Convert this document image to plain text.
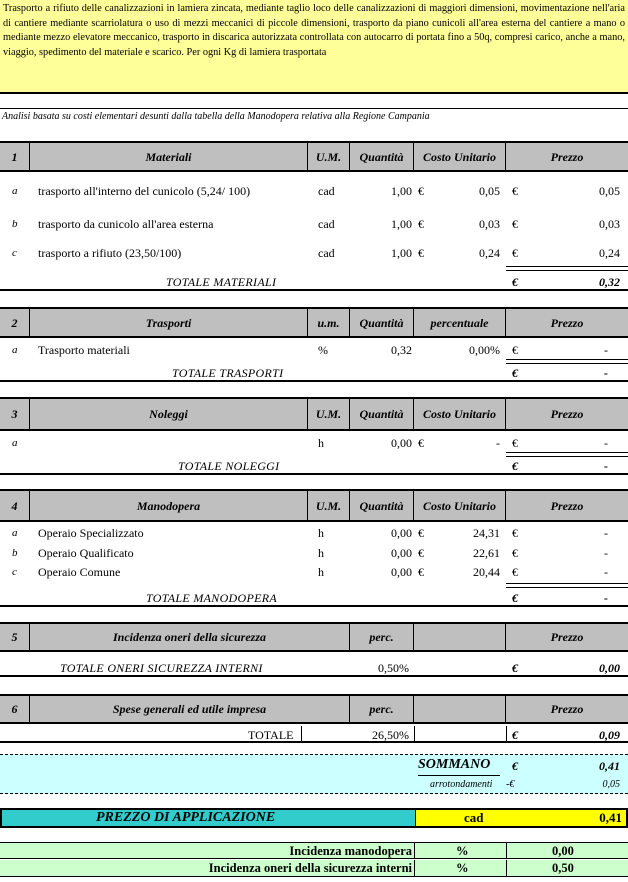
Trasporto a rifiuto delle canalizzazioni in lamiera zincata, mediante taglio loco delle canalizzazioni di maggiori dimensioni, movimentazione nell'aria di cantiere mediante scarriolatura o uso di mezzi meccanici di piccole dimensioni, trasporto da piano cunicoli all'area esterna del cantiere a mano o mediante mezzo elevatore meccanico, trasporto in discarica autorizzata controllata con autocarro di portata fino a 50q, compresi carico, anche a mano, viaggio, spedimento del materiale e scarico. Per ogni Kg di lamiera trasportata
Analisi basata su costi elementari desunti dalla tabella della Manodopera relativa alla Regione Campania
1	Materiali	U.M.	Quantità	Costo Unitario	Prezzo
a trasporto all'interno del cunicolo (5,24/ 100)	cad	1,00 €	0,05 €	0,05
b trasporto da cunicolo all'area esterna	cad	1,00 €	0,03 €	0,03
c trasporto a rifiuto (23,50/100)	cad	1,00 €	0,24 €	0,24
TOTALE MATERIALI	€	0,32
2	Trasporti	u.m.	Quantità	percentuale	Prezzo
a Trasporto materiali	%	0,32	0,00% €	-
TOTALE TRASPORTI	€	-
3	Noleggi	U.M.	Quantità	Costo Unitario	Prezzo
a	h	0,00 €	- €	-
TOTALE NOLEGGI	€	-
4	Manodopera	U.M.	Quantità	Costo Unitario	Prezzo
a Operaio Specializzato	h	0,00 €	24,31 €	-
b Operaio Qualificato	h	0,00 €	22,61 €	-
c Operaio Comune	h	0,00 €	20,44 €	-
TOTALE MANODOPERA	€	-
5	Incidenza oneri della sicurezza	perc.	Prezzo
TOTALE ONERI SICUREZZA INTERNI	0,50%	€	0,00
6	Spese generali ed utile impresa	perc.	Prezzo
TOTALE	26,50%	€	0,09
SOMMANO €	0,41
arrotondamenti -€	0,05
PREZZO DI APPLICAZIONE	cad	0,41
Incidenza manodopera	%	0,00
Incidenza oneri della sicurezza interni	%	0,50
